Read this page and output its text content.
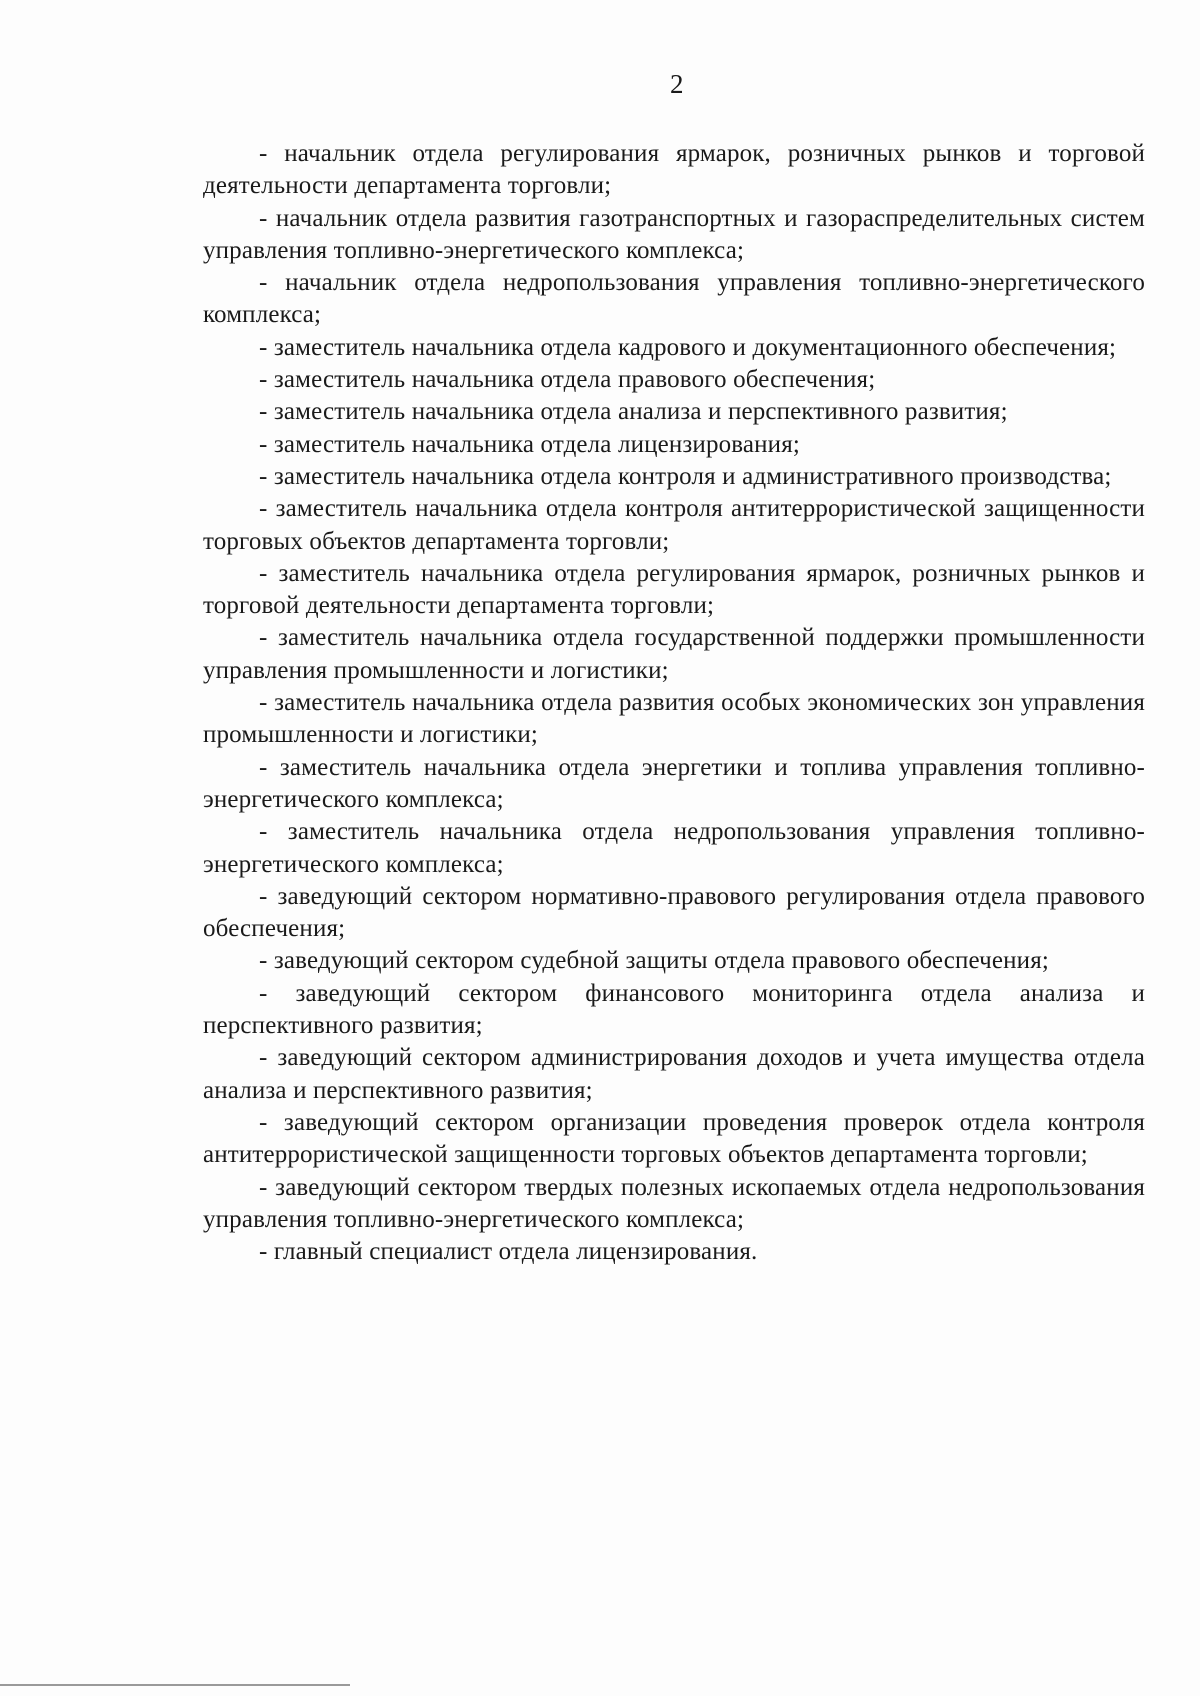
2

- начальник отдела регулирования ярмарок, розничных рынков и торговой деятельности департамента торговли;

- начальник отдела развития газотранспортных и газораспределительных систем управления топливно-энергетического комплекса;

- начальник отдела недропользования управления топливно-энергетического комплекса;

- заместитель начальника отдела кадрового и документационного обеспечения;

- заместитель начальника отдела правового обеспечения;

- заместитель начальника отдела анализа и перспективного развития;

- заместитель начальника отдела лицензирования;

- заместитель начальника отдела контроля и административного производства;

- заместитель начальника отдела контроля антитеррористической защищенности торговых объектов департамента торговли;

- заместитель начальника отдела регулирования ярмарок, розничных рынков и торговой деятельности департамента торговли;

- заместитель начальника отдела государственной поддержки промышленности управления промышленности и логистики;

- заместитель начальника отдела развития особых экономических зон управления промышленности и логистики;

- заместитель начальника отдела энергетики и топлива управления топливно-энергетического комплекса;

- заместитель начальника отдела недропользования управления топливно-энергетического комплекса;

- заведующий сектором нормативно-правового регулирования отдела правового обеспечения;

- заведующий сектором судебной защиты отдела правового обеспечения;

- заведующий сектором финансового мониторинга отдела анализа и перспективного развития;

- заведующий сектором администрирования доходов и учета имущества отдела анализа и перспективного развития;

- заведующий сектором организации проведения проверок отдела контроля антитеррористической защищенности торговых объектов департамента торговли;

- заведующий сектором твердых полезных ископаемых отдела недропользования управления топливно-энергетического комплекса;

- главный специалист отдела лицензирования.
